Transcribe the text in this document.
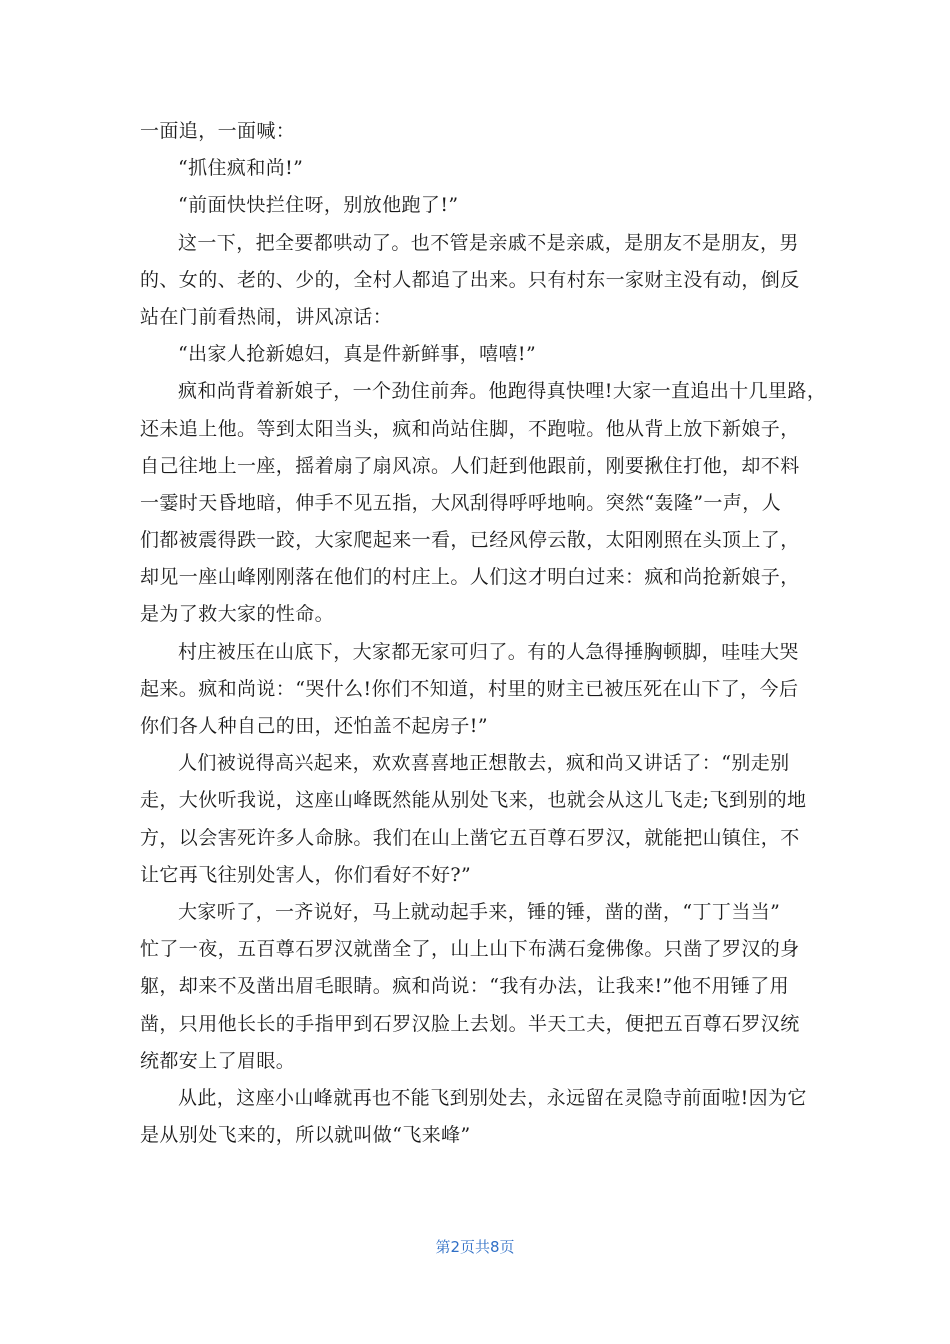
一面追，一面喊：
“抓住疯和尚!”
“前面快快拦住呀，别放他跑了!”
这一下，把全要都哄动了。也不管是亲戚不是亲戚，是朋友不是朋友，男
的、女的、老的、少的，全村人都追了出来。只有村东一家财主没有动，倒反
站在门前看热闹，讲风凉话：
“出家人抢新媳妇，真是件新鲜事，嘻嘻!”
疯和尚背着新娘子，一个劲住前奔。他跑得真快哩!大家一直追出十几里路，
还未追上他。等到太阳当头，疯和尚站住脚，不跑啦。他从背上放下新娘子，
自己往地上一座，摇着扇了扇风凉。人们赶到他跟前，刚要揪住打他，却不料
一霎时天昏地暗，伸手不见五指，大风刮得呼呼地响。突然“轰隆”一声，人
们都被震得跌一跤，大家爬起来一看，已经风停云散，太阳刚照在头顶上了，
却见一座山峰刚刚落在他们的村庄上。人们这才明白过来：疯和尚抢新娘子，
是为了救大家的性命。
村庄被压在山底下，大家都无家可归了。有的人急得捶胸顿脚，哇哇大哭
起来。疯和尚说：“哭什么!你们不知道，村里的财主已被压死在山下了，今后
你们各人种自己的田，还怕盖不起房子!”
人们被说得高兴起来，欢欢喜喜地正想散去，疯和尚又讲话了：“别走别
走，大伙听我说，这座山峰既然能从别处飞来，也就会从这儿飞走;飞到别的地
方，以会害死许多人命脉。我们在山上凿它五百尊石罗汉，就能把山镇住，不
让它再飞往别处害人，你们看好不好?”
大家听了，一齐说好，马上就动起手来，锤的锤，凿的凿，“丁丁当当”
忙了一夜，五百尊石罗汉就凿全了，山上山下布满石龛佛像。只凿了罗汉的身
躯，却来不及凿出眉毛眼睛。疯和尚说：“我有办法，让我来!”他不用锤了用
凿，只用他长长的手指甲到石罗汉脸上去划。半天工夫，便把五百尊石罗汉统
统都安上了眉眼。
从此，这座小山峰就再也不能飞到别处去，永远留在灵隐寺前面啦!因为它
是从别处飞来的，所以就叫做“飞来峰”
第2页共8页
